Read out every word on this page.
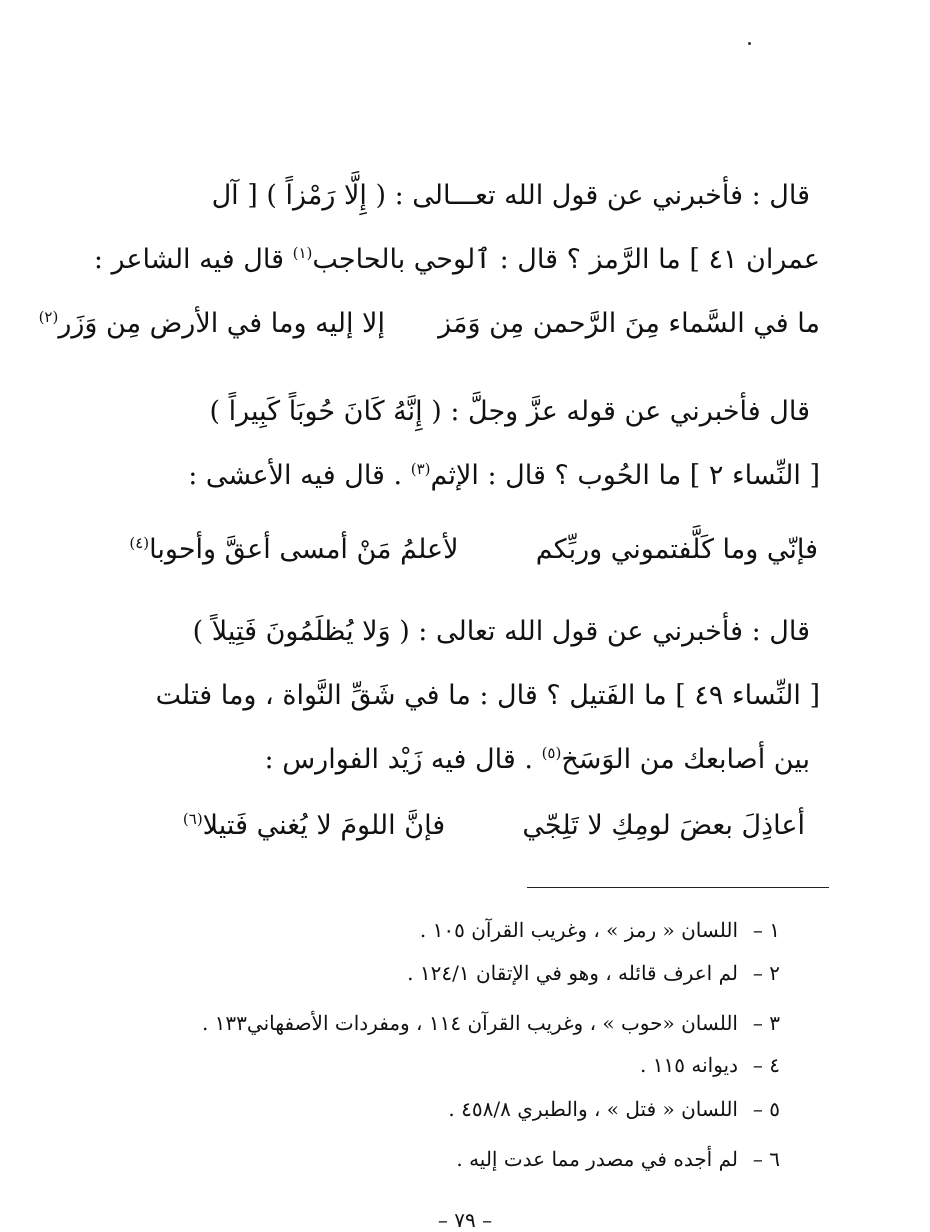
قال : فأخبرني عن قول الله تعـــالى : ( إِلَّا رَمْزاً ) [ آل
عمران ٤١ ] ما الرَّمز ؟ قال : ٱلوحي بالحاجب$^{(١)}$ قال فيه الشاعر :
ما في السَّماء مِنَ الرَّحمن مِن وَمَز  إلا إليه وما في الأرض مِن وَزَر$^{(٢)}$
قال فأخبرني عن قوله عزَّ وجلَّ : ( إِنَّهُ كَانَ حُوبَاً كَبِيراً )
[ النِّساء ٢ ] ما الحُوب ؟ قال : الإثم$^{(٣)}$ . قال فيه الأعشى :
فإنّي وما كَلَّفتموني وربِّكم  لأعلمُ مَنْ أمسى أعقَّ وأحوبا$^{(٤)}$
قال : فأخبرني عن قول الله تعالى : ( وَلا يُظلَمُونَ فَتِيلاً )
[ النِّساء ٤٩ ] ما الفَتيل ؟ قال : ما في شَقِّ النَّواة ، وما فتلت
بين أصابعك من الوَسَخ$^{(٥)}$ . قال فيه زَيْد الفوارس :
أعاذِلَ بعضَ لومِكِ لا تَلِجّي  فإنَّ اللومَ لا يُغني فَتيلا$^{(٦)}$
١ –اللسان « رمز » ، وغريب القرآن ١٠٥ .
٢ –لم اعرف قائله ، وهو في الإتقان ١٢٤/١ .
٣ –اللسان «حوب » ، وغريب القرآن ١١٤ ، ومفردات الأصفهاني١٣٣ .
٤ –ديوانه ١١٥ .
٥ –اللسان « فتل » ، والطبري ٤٥٨/٨ .
٦ –لم أجده في مصدر مما عدت إليه .
– ٧٩ –
